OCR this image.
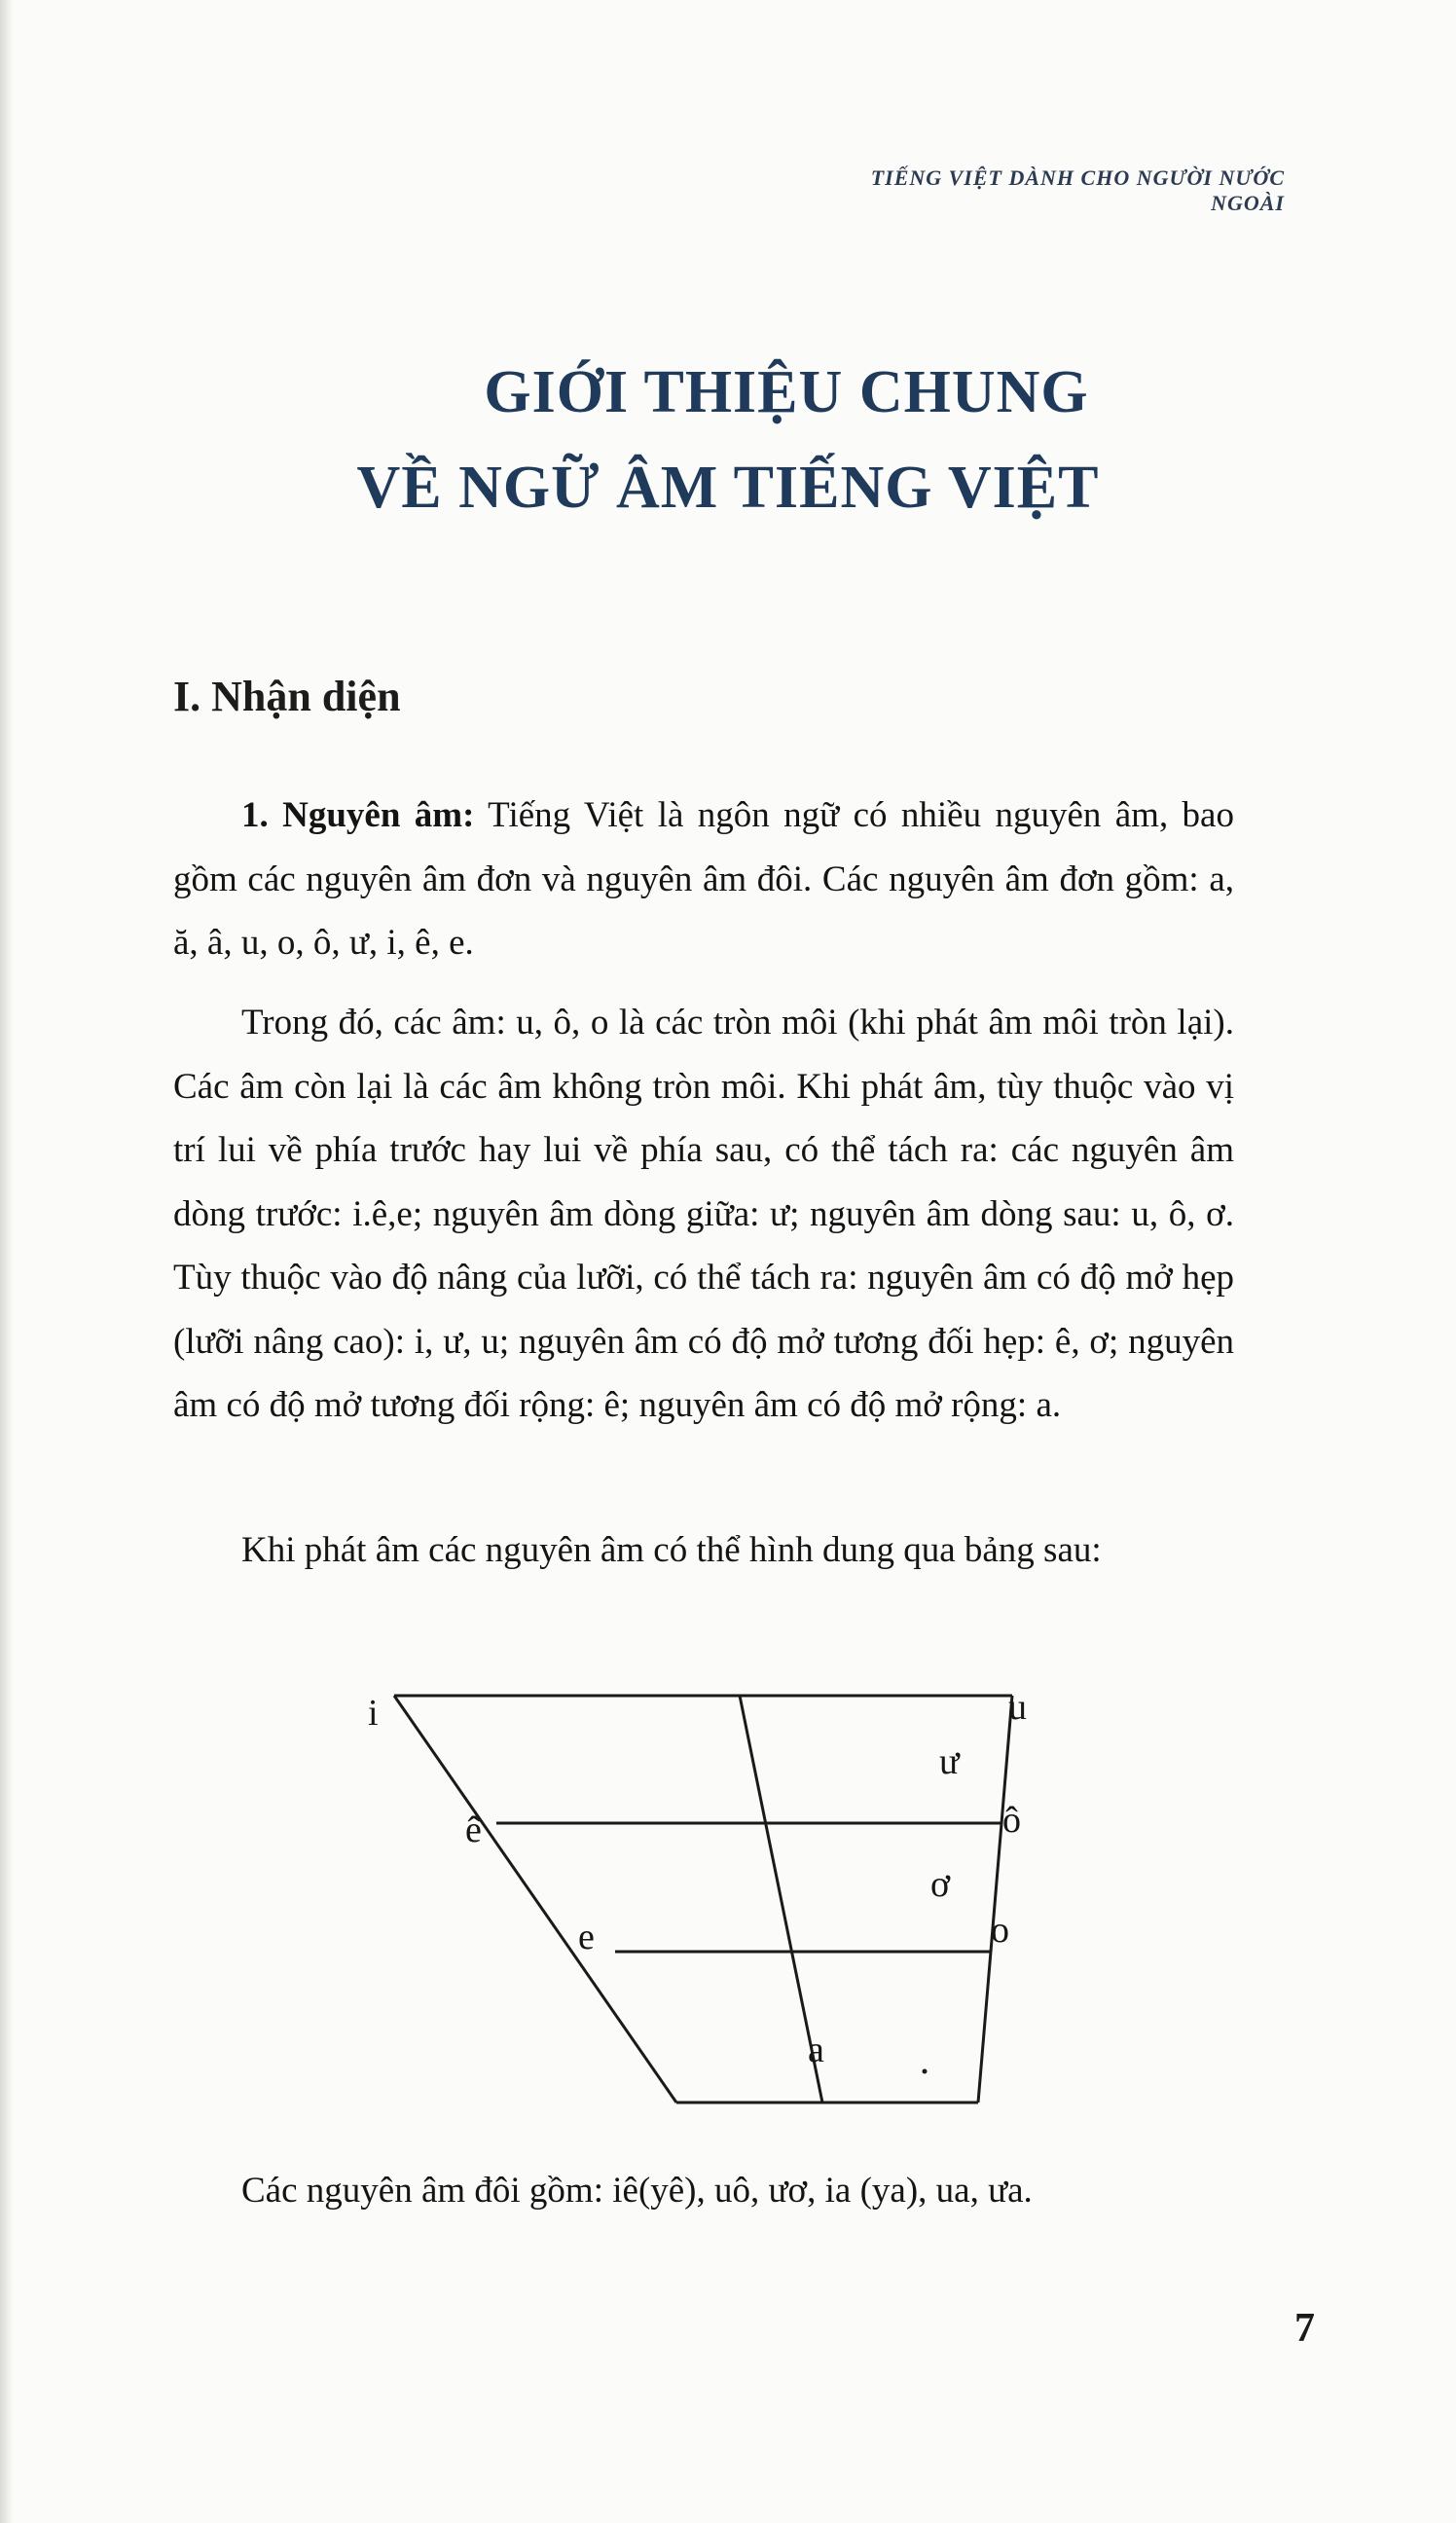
TIẾNG VIỆT DÀNH CHO NGƯỜI NƯỚC NGOÀI
GIỚI THIỆU CHUNG
VỀ NGỮ ÂM TIẾNG VIỆT
I. Nhận diện
1. Nguyên âm: Tiếng Việt là ngôn ngữ có nhiều nguyên âm, bao gồm các nguyên âm đơn và nguyên âm đôi. Các nguyên âm đơn gồm: a, ă, â, u, o, ô, ư, i, ê, e.
Trong đó, các âm: u, ô, o là các tròn môi (khi phát âm môi tròn lại). Các âm còn lại là các âm không tròn môi. Khi phát âm, tùy thuộc vào vị trí lui về phía trước hay lui về phía sau, có thể tách ra: các nguyên âm dòng trước: i.ê,e; nguyên âm dòng giữa: ư; nguyên âm dòng sau: u, ô, ơ. Tùy thuộc vào độ nâng của lưỡi, có thể tách ra: nguyên âm có độ mở hẹp (lưỡi nâng cao): i, ư, u; nguyên âm có độ mở tương đối hẹp: ê, ơ; nguyên âm có độ mở tương đối rộng: ê; nguyên âm có độ mở rộng: a.
Khi phát âm các nguyên âm có thể hình dung qua bảng sau:
i	u
ư
ê	ô
ơ
e	o
a
Các nguyên âm đôi gồm: iê(yê), uô, ươ, ia (ya), ua, ưa.
7
